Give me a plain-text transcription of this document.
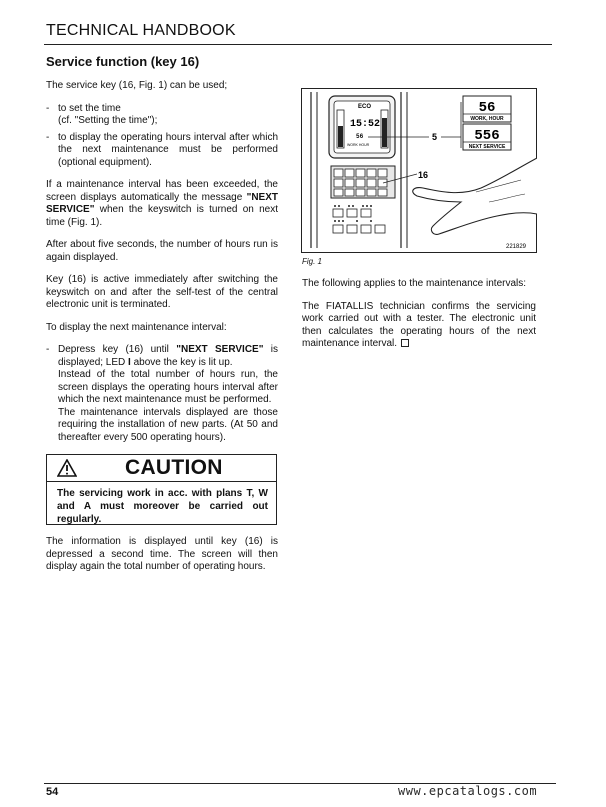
TECHNICAL HANDBOOK
Service function (key 16)

The service key (16, Fig. 1) can be used;

- to set the time
(cf. "Setting the time");
- to display the operating hours interval after which the next maintenance must be performed (optional equipment).

If a maintenance interval has been exceeded, the screen displays automatically the message "NEXT SERVICE" when the keyswitch is turned on next time (Fig. 1).

After about five seconds, the number of hours run is again displayed.

Key (16) is active immediately after switching the keyswitch on and after the self-test of the central electronic unit is terminated.

To display the next maintenance interval:

- Depress key (16) until "NEXT SERVICE" is displayed; LED I above the key is lit up.
Instead of the total number of hours run, the screen displays the operating hours interval after which the next maintenance must be performed.
The maintenance intervals displayed are those requiring the installation of new parts. (At 50 and thereafter every 500 operating hours).
CAUTION
The servicing work in acc. with plans T, W and A must moreover be carried out regularly.

The information is displayed until key (16) is depressed a second time. The screen will then display again the total number of operating hours.

ECO
15:52
56
WORK HOUR
5
56
WORK, HOUR
556
NEXT SERVICE
16
221829
Fig. 1

The following applies to the maintenance intervals:

The FIATALLIS technician confirms the servicing work carried out with a tester. The electronic unit then calculates the operating hours of the next maintenance interval.

54	www.epcatalogs.com
